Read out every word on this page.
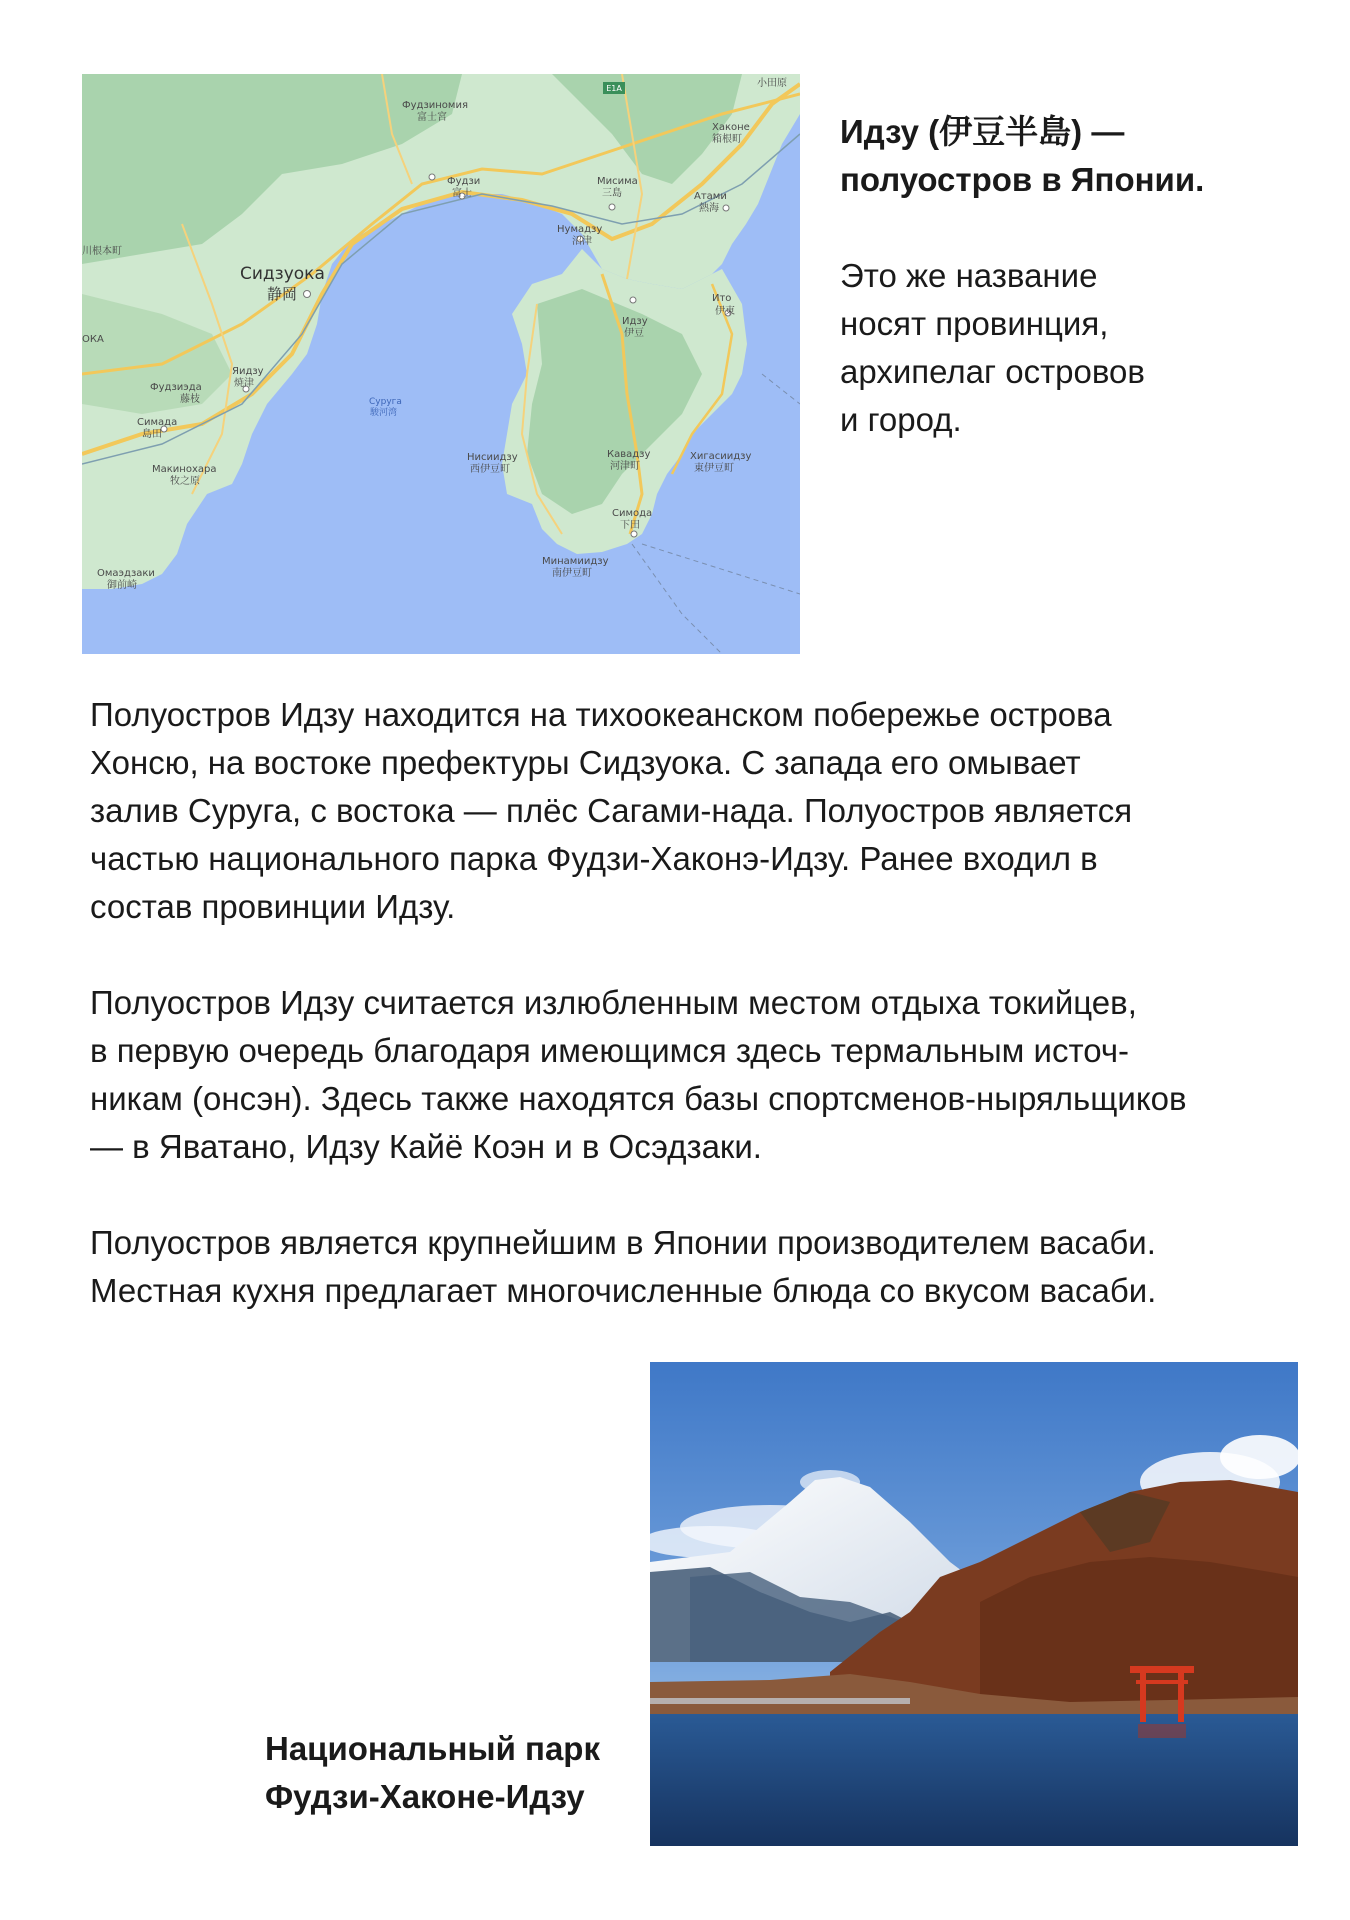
E1A
Фудзиномия
富士宮
Фудзи
富士
Мисима
三島
Нумадзу
沼津
Хаконе
箱根町
小田原
Атами
熱海
Ито
伊東
Идзу
伊豆
Суруга
駿河湾
Яидзу
焼津
Фудзиэда
藤枝
Симада
島田
Макинохара
牧之原
Омаэдзаки
御前崎
Нисиидзу
西伊豆町
Кавадзу
河津町
Хигасиидзу
東伊豆町
Симода
下田
Минамиидзу
南伊豆町
ОКА
川根本町
Сидзуока
静岡

Идзу (伊豆半島) —
полуостров в Японии.

Это же название
носят провинция,
архипелаг островов
и город.

Полуостров Идзу находится на тихоокеанском побережье острова
Хонсю, на востоке префектуры Сидзуока. С запада его омывает
залив Суруга, с востока — плёс Сагами-нада. Полуостров является
частью национального парка Фудзи-Хаконэ-Идзу. Ранее входил в
состав провинции Идзу.

Полуостров Идзу считается излюбленным местом отдыха токийцев,
в первую очередь благодаря имеющимся здесь термальным источ-
никам (онсэн). Здесь также находятся базы спортсменов-ныряльщиков
— в Яватано, Идзу Кайё Коэн и в Осэдзаки.

Полуостров является крупнейшим в Японии производителем васаби.
Местная кухня предлагает многочисленные блюда со вкусом васаби.

Национальный парк
Фудзи-Хаконе-Идзу
